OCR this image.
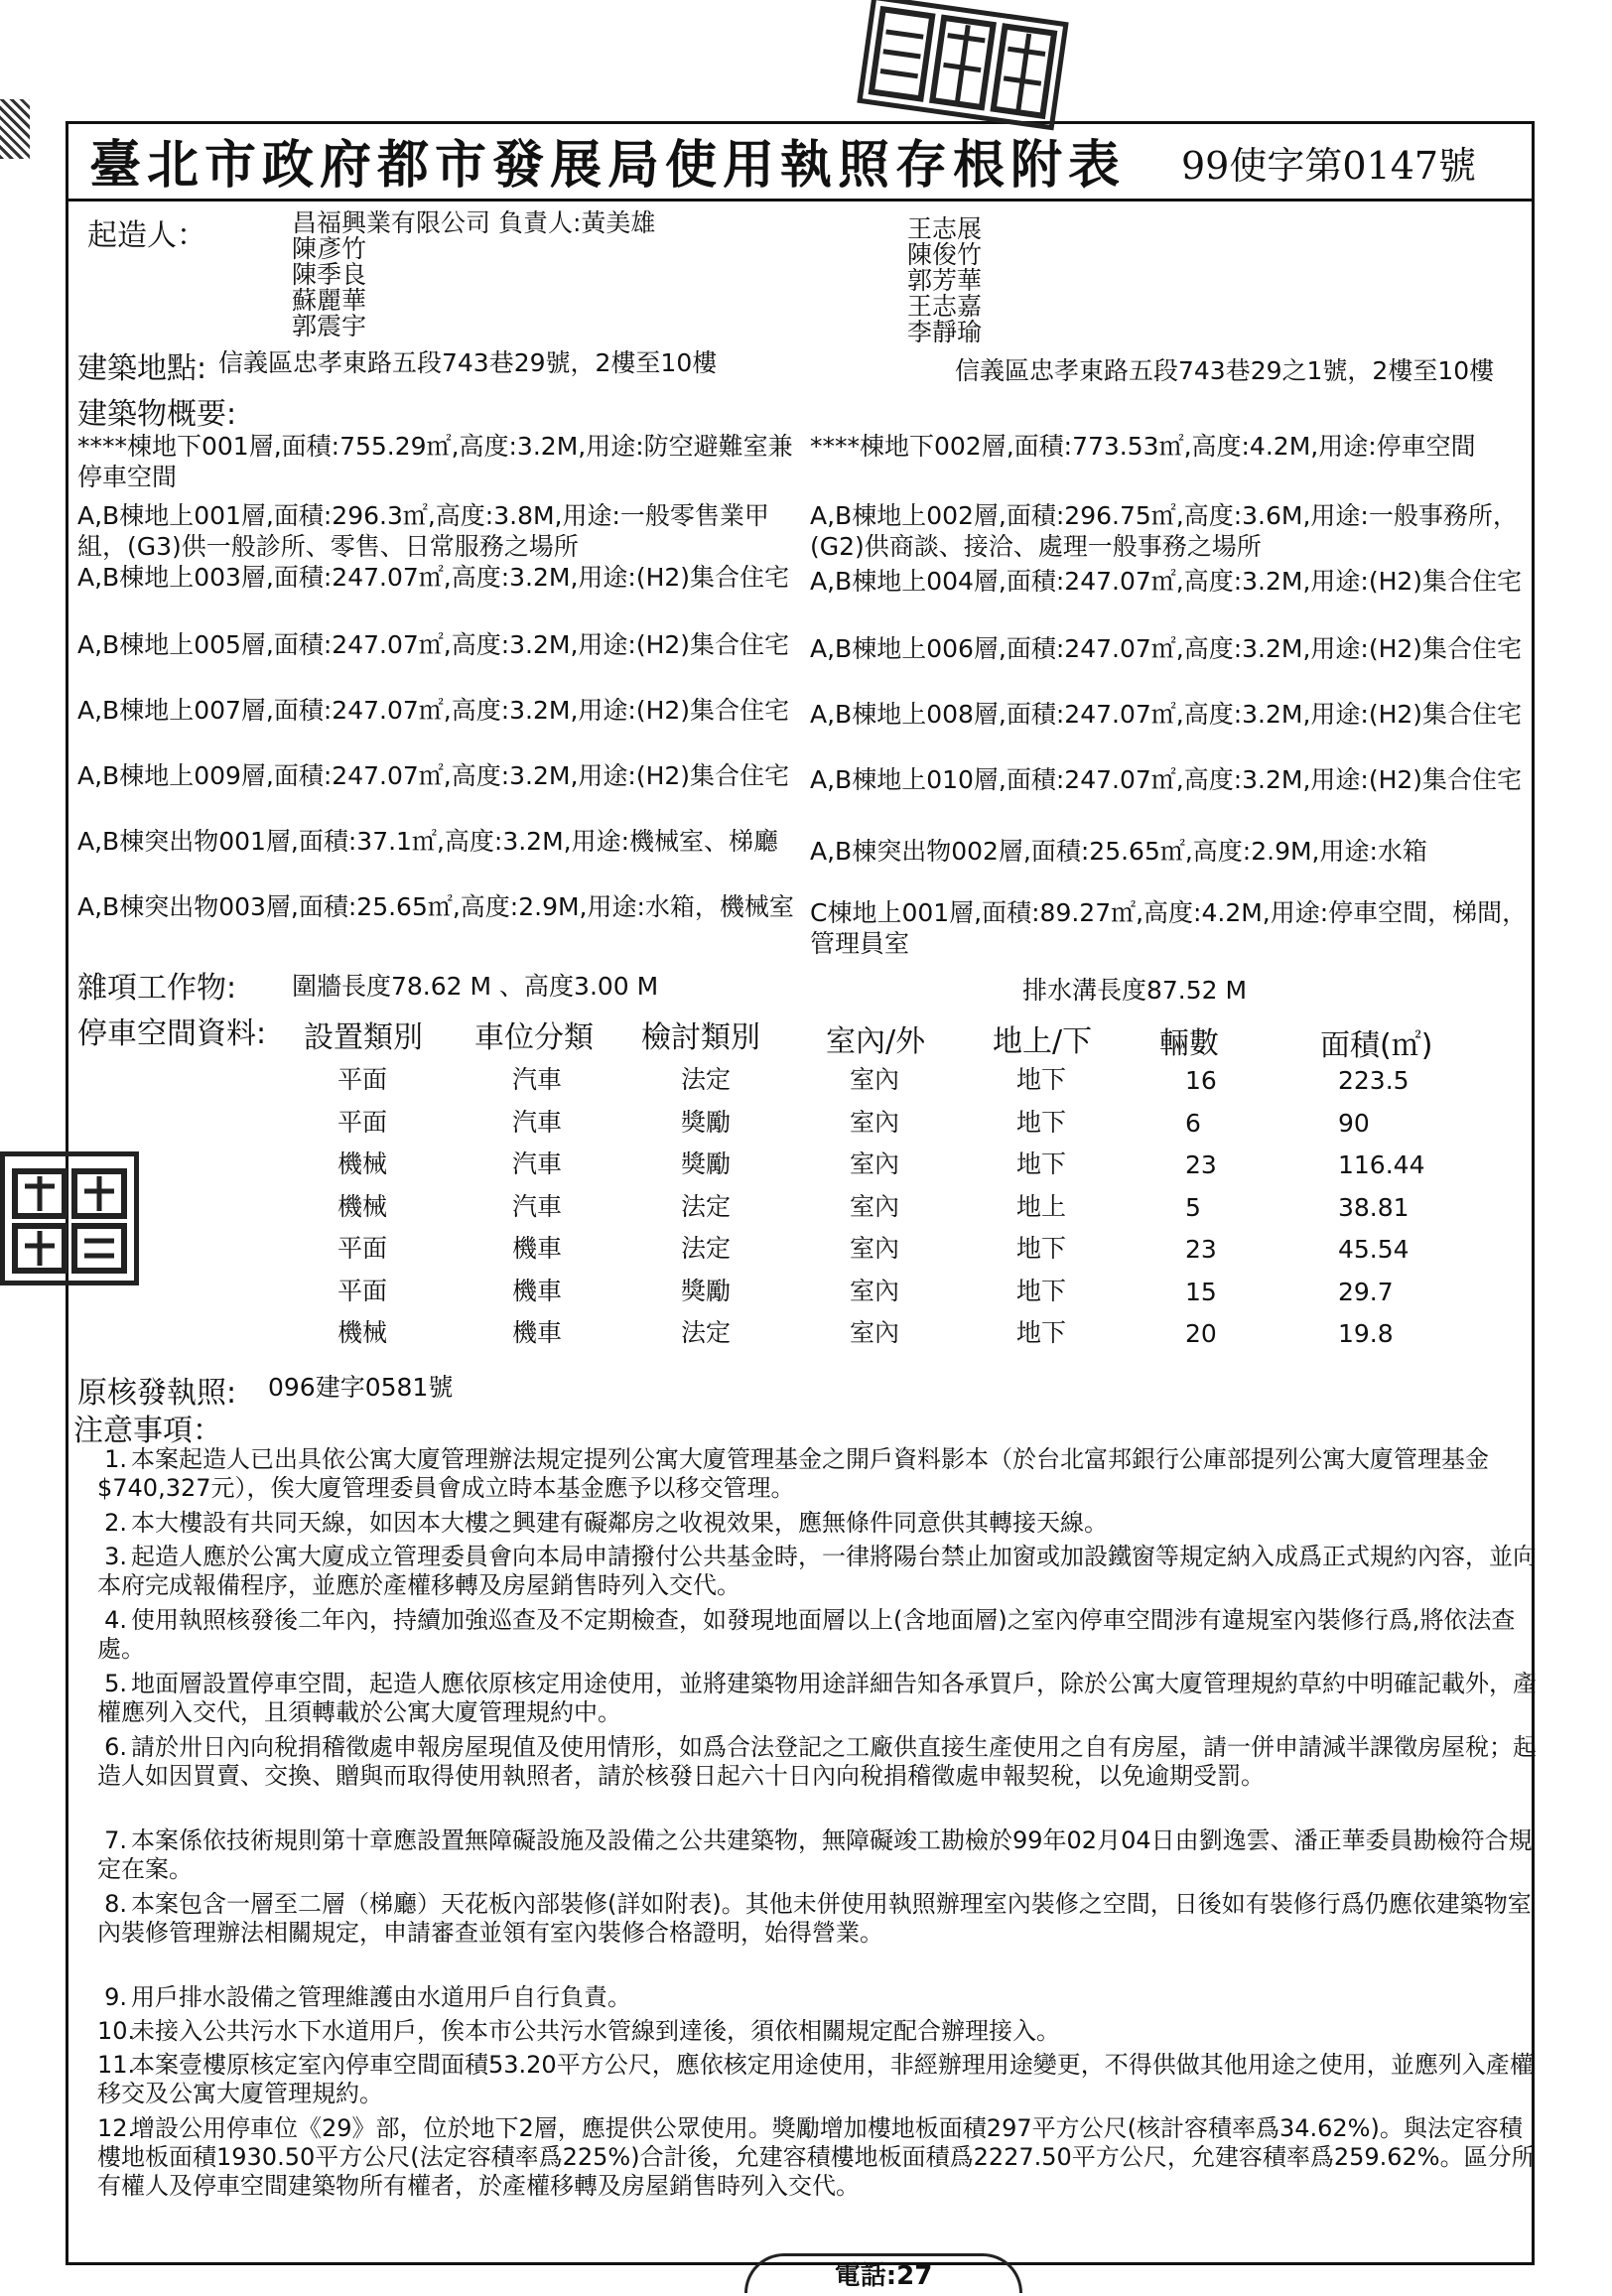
臺北市政府都市發展局使用執照存根附表 99使字第0147號
起造人：	昌福興業有限公司 負責人:黃美雄
陳彥竹
陳季良
蘇麗華
郭震宇
王志展
陳俊竹
郭芳華
王志嘉
李靜瑜
建築地點: 信義區忠孝東路五段743巷29號，2樓至10樓	信義區忠孝東路五段743巷29之1號，2樓至10樓
建築物概要:
****棟地下001層,面積:755.29㎡,高度:3.2M,用途:防空避難室兼停車空間
****棟地下002層,面積:773.53㎡,高度:4.2M,用途:停車空間
A,B棟地上001層,面積:296.3㎡,高度:3.8M,用途:一般零售業甲組，(G3)供一般診所、零售、日常服務之場所
A,B棟地上002層,面積:296.75㎡,高度:3.6M,用途:一般事務所，(G2)供商談、接洽、處理一般事務之場所
A,B棟地上003層,面積:247.07㎡,高度:3.2M,用途:(H2)集合住宅 A,B棟地上004層,面積:247.07㎡,高度:3.2M,用途:(H2)集合住宅
A,B棟地上005層,面積:247.07㎡,高度:3.2M,用途:(H2)集合住宅 A,B棟地上006層,面積:247.07㎡,高度:3.2M,用途:(H2)集合住宅
A,B棟地上007層,面積:247.07㎡,高度:3.2M,用途:(H2)集合住宅 A,B棟地上008層,面積:247.07㎡,高度:3.2M,用途:(H2)集合住宅
A,B棟地上009層,面積:247.07㎡,高度:3.2M,用途:(H2)集合住宅 A,B棟地上010層,面積:247.07㎡,高度:3.2M,用途:(H2)集合住宅
A,B棟突出物001層,面積:37.1㎡,高度:3.2M,用途:機械室、梯廳	A,B棟突出物002層,面積:25.65㎡,高度:2.9M,用途:水箱
A,B棟突出物003層,面積:25.65㎡,高度:2.9M,用途:水箱，機械室 C棟地上001層,面積:89.27㎡,高度:4.2M,用途:停車空間，梯間，管理員室
雜項工作物: 圍牆長度78.62 M 、高度3.00 M	排水溝長度87.52 M
停車空間資料: 設置類別 車位分類 檢討類別 室內/外 地上/下 輛數	面積(㎡)
平面	汽車	法定	室內	地下	16	223.5
平面	汽車	獎勵	室內	地下	6	90
機械	汽車	獎勵	室內	地下	23	116.44
機械	汽車	法定	室內	地上	5	38.81
平面	機車	法定	室內	地下	23	45.54
平面	機車	獎勵	室內	地下	15	29.7
機械	機車	法定	室內	地下	20	19.8
原核發執照: 096建字0581號
注意事項：
1. 本案起造人已出具依公寓大廈管理辦法規定提列公寓大廈管理基金之開戶資料影本（於台北富邦銀行公庫部提列公寓大廈管理基金$740,327元），俟大廈管理委員會成立時本基金應予以移交管理。
2. 本大樓設有共同天線，如因本大樓之興建有礙鄰房之收視效果，應無條件同意供其轉接天線。
3. 起造人應於公寓大廈成立管理委員會向本局申請撥付公共基金時，一律將陽台禁止加窗或加設鐵窗等規定納入成爲正式規約內容，並向本府完成報備程序，並應於產權移轉及房屋銷售時列入交代。
4. 使用執照核發後二年內，持續加強巡查及不定期檢查，如發現地面層以上(含地面層)之室內停車空間涉有違規室內裝修行爲,將依法查處。
5. 地面層設置停車空間，起造人應依原核定用途使用，並將建築物用途詳細告知各承買戶，除於公寓大廈管理規約草約中明確記載外，產權應列入交代，且須轉載於公寓大廈管理規約中。
6. 請於卅日內向稅捐稽徵處申報房屋現值及使用情形，如爲合法登記之工廠供直接生產使用之自有房屋，請一併申請減半課徵房屋稅；起造人如因買賣、交換、贈與而取得使用執照者，請於核發日起六十日內向稅捐稽徵處申報契稅，以免逾期受罰。
7. 本案係依技術規則第十章應設置無障礙設施及設備之公共建築物，無障礙竣工勘檢於99年02月04日由劉逸雲、潘正華委員勘檢符合規定在案。
8. 本案包含一層至二層（梯廳）天花板內部裝修(詳如附表)。其他未併使用執照辦理室內裝修之空間，日後如有裝修行爲仍應依建築物室內裝修管理辦法相關規定，申請審查並領有室內裝修合格證明，始得營業。
9. 用戶排水設備之管理維護由水道用戶自行負責。
10.未接入公共污水下水道用戶，俟本市公共污水管線到達後，須依相關規定配合辦理接入。
11.本案壹樓原核定室內停車空間面積53.20平方公尺，應依核定用途使用，非經辦理用途變更，不得供做其他用途之使用，並應列入產權移交及公寓大廈管理規約。
12.增設公用停車位《29》部，位於地下2層，應提供公眾使用。獎勵增加樓地板面積297平方公尺(核計容積率爲34.62%)。與法定容積樓地板面積1930.50平方公尺(法定容積率爲225%)合計後，允建容積樓地板面積爲2227.50平方公尺，允建容積率爲259.62%。區分所有權人及停車空間建築物所有權者，於產權移轉及房屋銷售時列入交代。
電話:27
